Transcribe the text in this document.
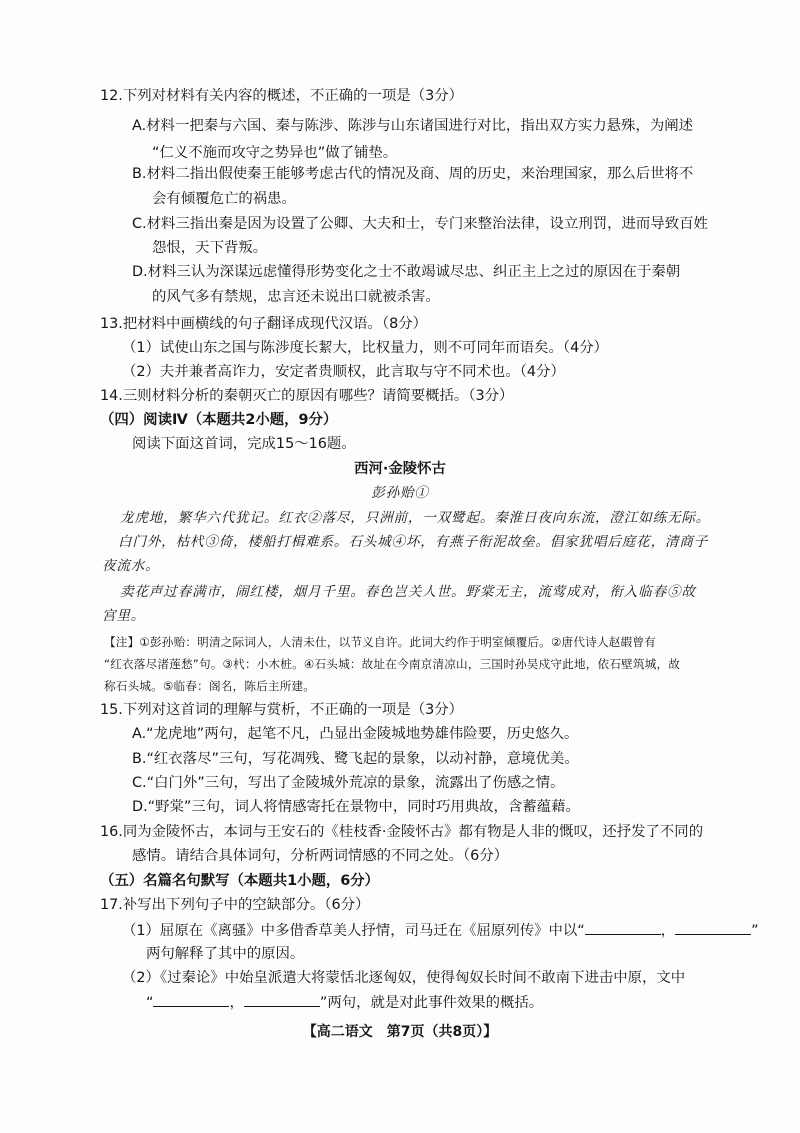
12.下列对材料有关内容的概述，不正确的一项是（3分）
A.材料一把秦与六国、秦与陈涉、陈涉与山东诸国进行对比，指出双方实力悬殊，为阐述
“仁义不施而攻守之势异也”做了铺垫。
B.材料二指出假使秦王能够考虑古代的情况及商、周的历史，来治理国家，那么后世将不
会有倾覆危亡的祸患。
C.材料三指出秦是因为设置了公卿、大夫和士，专门来整治法律，设立刑罚，进而导致百姓
怨恨，天下背叛。
D.材料三认为深谋远虑懂得形势变化之士不敢竭诚尽忠、纠正主上之过的原因在于秦朝
的风气多有禁规，忠言还未说出口就被杀害。
13.把材料中画横线的句子翻译成现代汉语。（8分）
（1）试使山东之国与陈涉度长絜大，比权量力，则不可同年而语矣。（4分）
（2）夫并兼者高诈力，安定者贵顺权，此言取与守不同术也。（4分）
14.三则材料分析的秦朝灭亡的原因有哪些？请简要概括。（3分）
（四）阅读Ⅳ（本题共2小题，9分）
阅读下面这首词，完成15～16题。
西河·金陵怀古
彭孙贻①
龙虎地，繁华六代犹记。红衣②落尽，只洲前，一双鹭起。秦淮日夜向东流，澄江如练无际。
白门外，枯杙③倚，楼船打楫难系。石头城④坏，有燕子衔泥故垒。倡家犹唱后庭花，清商子
夜流水。
卖花声过春满市，闹红楼，烟月千里。春色岂关人世。野棠无主，流莺成对，衔入临春⑤故
宫里。
【注】①彭孙贻：明清之际词人，人清未仕，以节义自许。此词大约作于明室倾覆后。②唐代诗人赵嘏曾有
“红衣落尽渚莲愁”句。③杙：小木桩。④石头城：故址在今南京清凉山，三国时孙吴戍守此地，依石壁筑城，故
称石头城。⑤临春：阁名，陈后主所建。
15.下列对这首词的理解与赏析，不正确的一项是（3分）
A.“龙虎地”两句，起笔不凡，凸显出金陵城地势雄伟险要，历史悠久。
B.“红衣落尽”三句，写花凋残、鹭飞起的景象，以动衬静，意境优美。
C.“白门外”三句，写出了金陵城外荒凉的景象，流露出了伤感之情。
D.“野棠”三句，词人将情感寄托在景物中，同时巧用典故，含蓄蕴藉。
16.同为金陵怀古，本词与王安石的《桂枝香·金陵怀古》都有物是人非的慨叹，还抒发了不同的
感情。请结合具体词句，分析两词情感的不同之处。（6分）
（五）名篇名句默写（本题共1小题，6分）
17.补写出下列句子中的空缺部分。（6分）
（1）屈原在《离骚》中多借香草美人抒情，司马迁在《屈原列传》中以“	，	”
两句解释了其中的原因。
（2）《过秦论》中始皇派遣大将蒙恬北逐匈奴，使得匈奴长时间不敢南下进击中原，文中
“	，	”两句，就是对此事件效果的概括。
【高二语文　第7页（共8页）】
